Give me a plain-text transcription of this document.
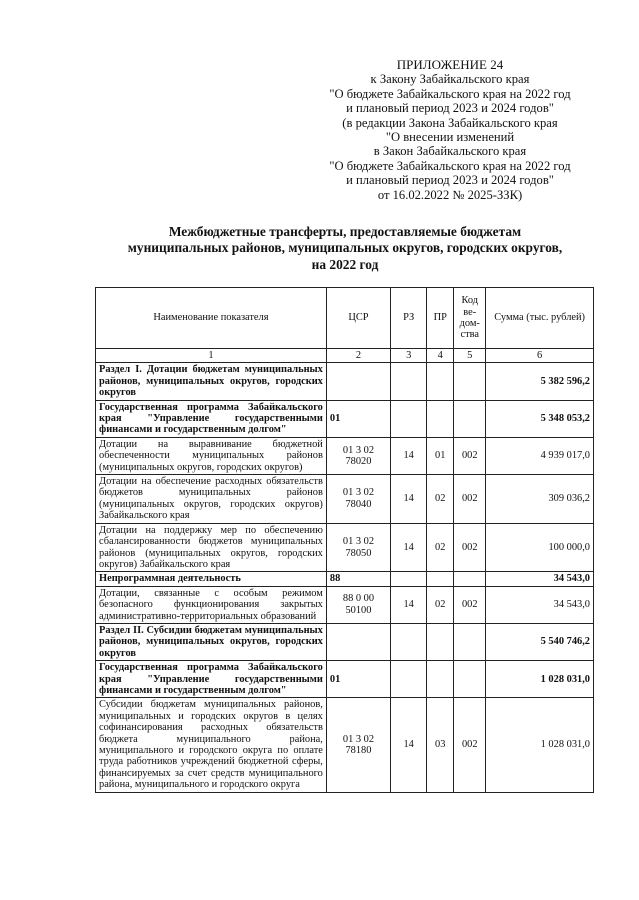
ПРИЛОЖЕНИЕ 24
к Закону Забайкальского края
"О бюджете Забайкальского края на 2022 год
и плановый период 2023 и 2024 годов"
(в редакции Закона Забайкальского края
"О внесении изменений
в Закон Забайкальского края
"О бюджете Забайкальского края на 2022 год
и плановый период 2023 и 2024 годов"
от 16.02.2022 № 2025-ЗЗК)
Межбюджетные трансферты, предоставляемые бюджетам
муниципальных районов, муниципальных округов, городских округов,
на 2022 год
Наименование показателя	ЦСР	РЗ	ПР	Код ве-дом-ства	Сумма (тыс. рублей)
1	2	3	4	5	6
Раздел I. Дотации бюджетам муниципальных районов, муниципальных округов, городских округов					5 382 596,2
Государственная программа Забайкальского края "Управление государственными финансами и государственным долгом"	01				5 348 053,2
Дотации на выравнивание бюджетной обеспеченности муниципальных районов (муниципальных округов, городских округов)	01 3 02 78020	14	01	002	4 939 017,0
Дотации на обеспечение расходных обязательств бюджетов муниципальных районов (муниципальных округов, городских округов) Забайкальского края	01 3 02 78040	14	02	002	309 036,2
Дотации на поддержку мер по обеспечению сбалансированности бюджетов муниципальных районов (муниципальных округов, городских округов) Забайкальского края	01 3 02 78050	14	02	002	100 000,0
Непрограммная деятельность	88				34 543,0
Дотации, связанные с особым режимом безопасного функционирования закрытых административно-территориальных образований	88 0 00 50100	14	02	002	34 543,0
Раздел II. Субсидии бюджетам муниципальных районов, муниципальных округов, городских округов					5 540 746,2
Государственная программа Забайкальского края "Управление государственными финансами и государственным долгом"	01				1 028 031,0
Субсидии бюджетам муниципальных районов, муниципальных и городских округов в целях софинансирования расходных обязательств бюджета муниципального района, муниципального и городского округа по оплате труда работников учреждений бюджетной сферы, финансируемых за счет средств муниципального района, муниципального и городского округа	01 3 02 78180	14	03	002	1 028 031,0
